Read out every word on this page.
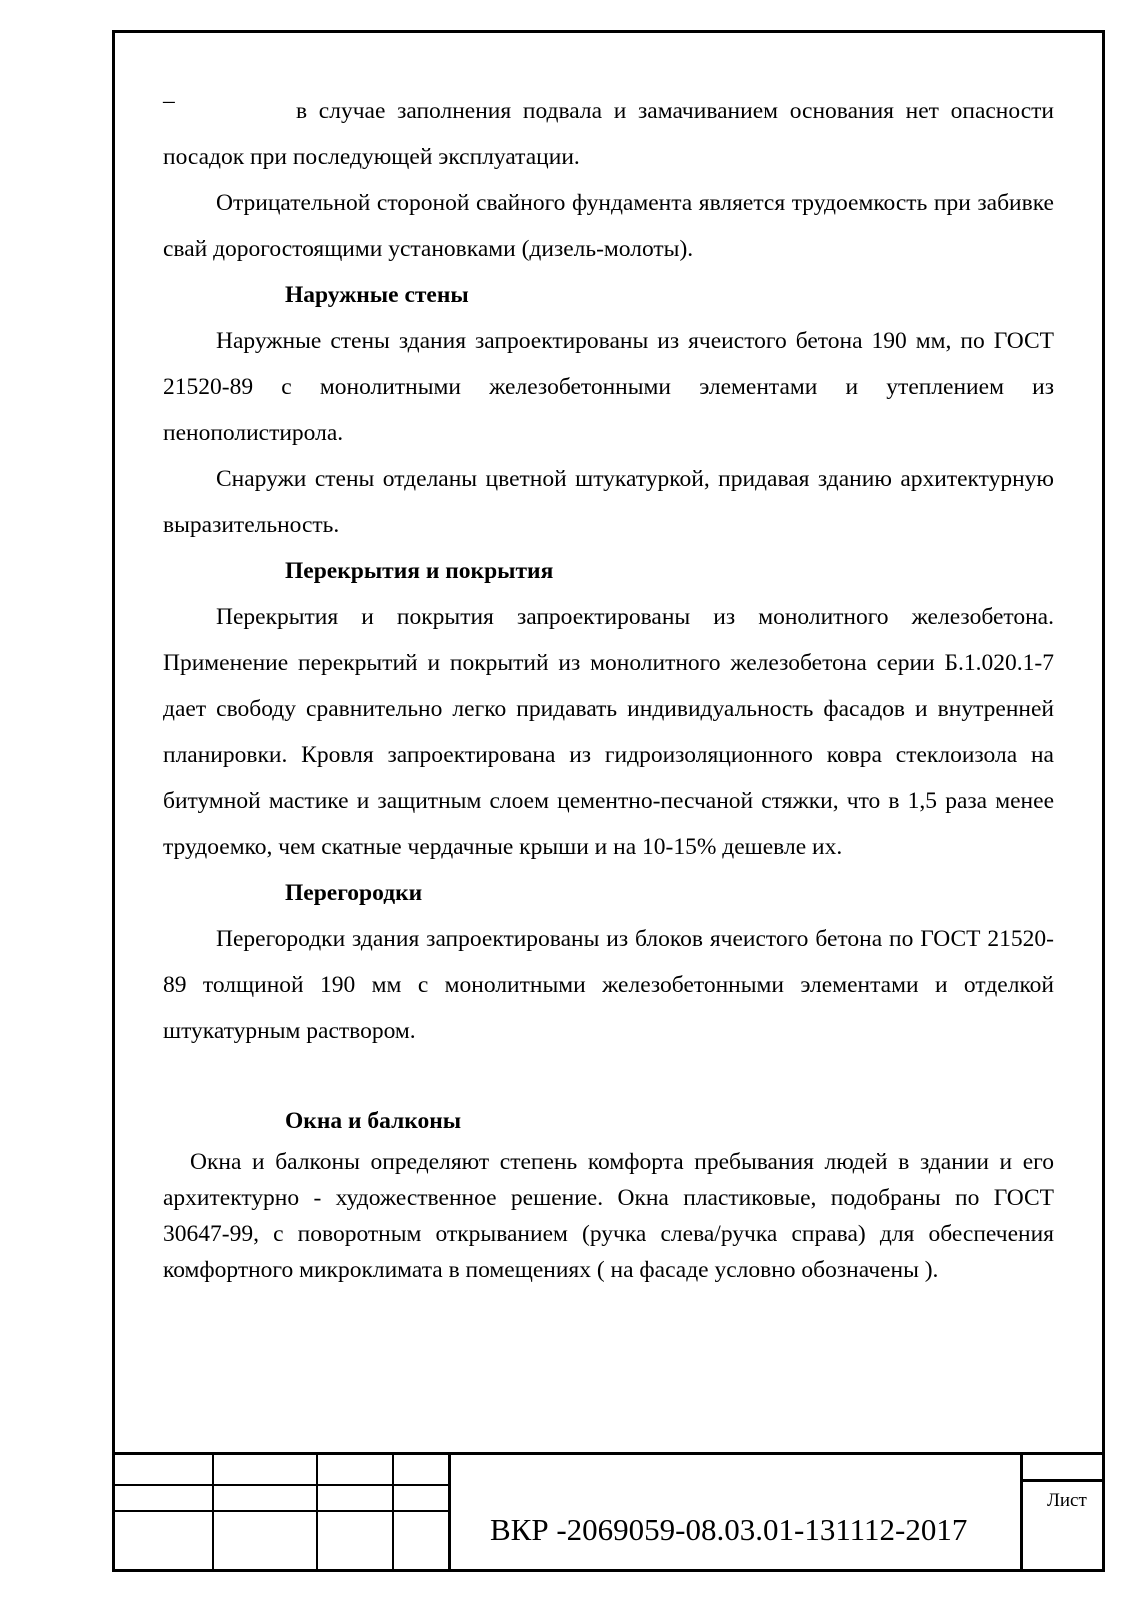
–	в случае заполнения подвала и замачиванием основания нет опасности посадок при последующей эксплуатации.

Отрицательной стороной свайного фундамента является трудоемкость при забивке свай дорогостоящими установками (дизель-молоты).

Наружные стены

Наружные стены здания запроектированы из ячеистого бетона 190 мм, по ГОСТ 21520-89 с монолитными железобетонными элементами и утеплением из пенополистирола.

Снаружи стены отделаны цветной штукатуркой, придавая зданию архитектурную выразительность.

Перекрытия и покрытия

Перекрытия и покрытия запроектированы из монолитного железобетона. Применение перекрытий и покрытий из монолитного железобетона серии Б.1.020.1-7 дает свободу сравнительно легко придавать индивидуальность фасадов и внутренней планировки. Кровля запроектирована из гидроизоляционного ковра стеклоизола на битумной мастике и защитным слоем цементно-песчаной стяжки, что в 1,5 раза менее трудоемко, чем скатные чердачные крыши и на 10-15% дешевле их.

Перегородки

Перегородки здания запроектированы из блоков ячеистого бетона по ГОСТ 21520-89 толщиной 190 мм с монолитными железобетонными элементами и отделкой штукатурным раствором.

Окна и балконы

Окна и балконы определяют степень комфорта пребывания людей в здании и его архитектурно - художественное решение. Окна пластиковые, подобраны по ГОСТ 30647-99, с поворотным открыванием (ручка слева/ручка справа) для обеспечения комфортного микроклимата в помещениях ( на фасаде условно обозначены ).

Лист
ВКР -2069059-08.03.01-131112-2017
